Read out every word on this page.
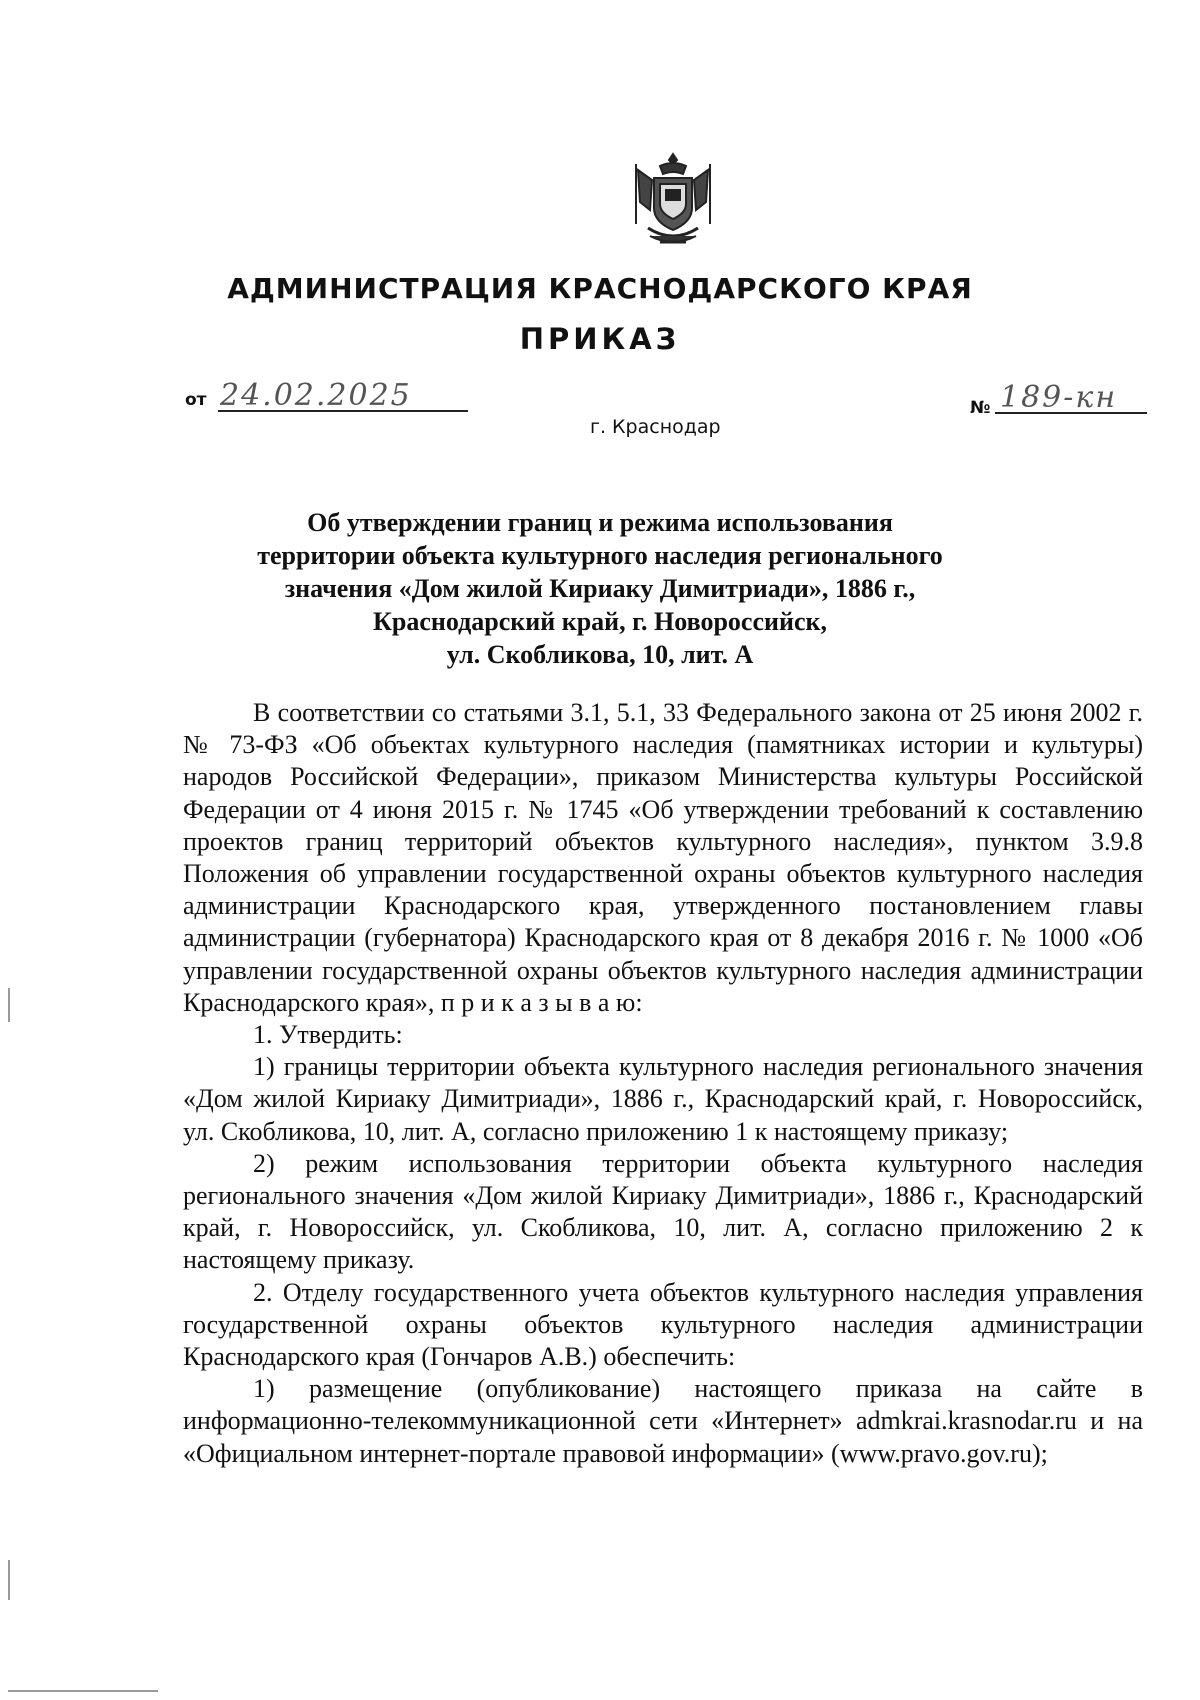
АДМИНИСТРАЦИЯ КРАСНОДАРСКОГО КРАЯ
ПРИКАЗ
от 24.02.2025
г. Краснодар
№ 189-кн
Об утверждении границ и режима использования
территории объекта культурного наследия регионального
значения «Дом жилой Кириаку Димитриади», 1886 г.,
Краснодарский край, г. Новороссийск,
ул. Скобликова, 10, лит. А

В соответствии со статьями 3.1, 5.1, 33 Федерального закона от 25 июня 2002 г. № 73-ФЗ «Об объектах культурного наследия (памятниках истории и культуры) народов Российской Федерации», приказом Министерства культуры Российской Федерации от 4 июня 2015 г. № 1745 «Об утверждении требований к составлению проектов границ территорий объектов культурного наследия», пунктом 3.9.8 Положения об управлении государственной охраны объектов культурного наследия администрации Краснодарского края, утвержденного постановлением главы администрации (губернатора) Краснодарского края от 8 декабря 2016 г. № 1000 «Об управлении государственной охраны объектов культурного наследия администрации Краснодарского края», п р и к а з ы в а ю:

1. Утвердить:

1) границы территории объекта культурного наследия регионального значения «Дом жилой Кириаку Димитриади», 1886 г., Краснодарский край, г. Новороссийск, ул. Скобликова, 10, лит. А, согласно приложению 1 к настоящему приказу;

2) режим использования территории объекта культурного наследия регионального значения «Дом жилой Кириаку Димитриади», 1886 г., Краснодарский край, г. Новороссийск, ул. Скобликова, 10, лит. А, согласно приложению 2 к настоящему приказу.

2. Отделу государственного учета объектов культурного наследия управления государственной охраны объектов культурного наследия администрации Краснодарского края (Гончаров А.В.) обеспечить:

1) размещение (опубликование) настоящего приказа на сайте в информационно-телекоммуникационной сети «Интернет» admkrai.krasnodar.ru и на «Официальном интернет-портале правовой информации» (www.pravo.gov.ru);
